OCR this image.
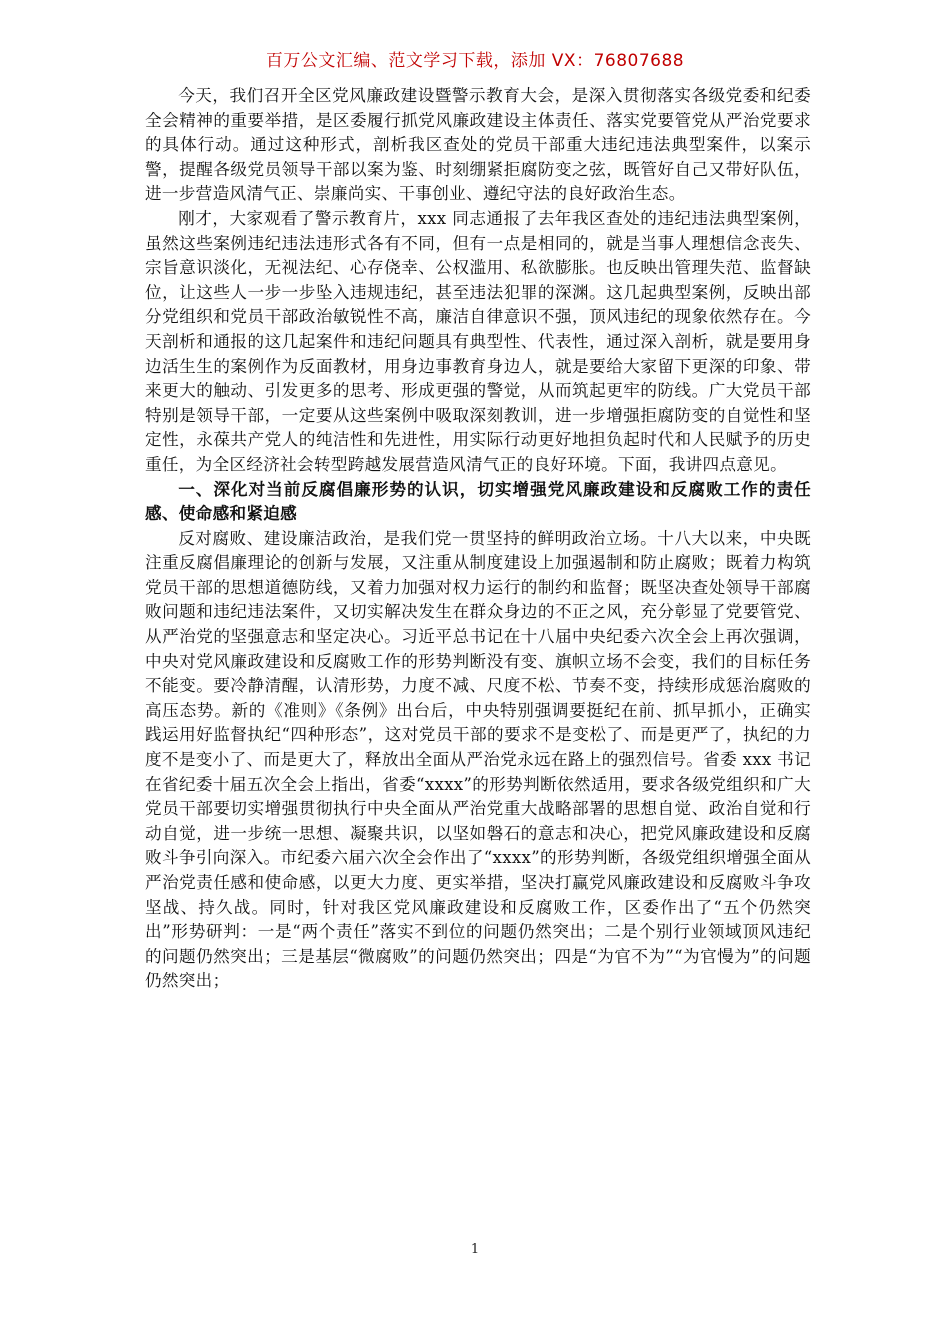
百万公文汇编、范文学习下载，添加 VX：76807688

今天，我们召开全区党风廉政建设暨警示教育大会，是深入贯彻落实各级党委和纪委全会精神的重要举措，是区委履行抓党风廉政建设主体责任、落实党要管党从严治党要求的具体行动。通过这种形式，剖析我区查处的党员干部重大违纪违法典型案件，以案示警，提醒各级党员领导干部以案为鉴、时刻绷紧拒腐防变之弦，既管好自己又带好队伍，进一步营造风清气正、崇廉尚实、干事创业、遵纪守法的良好政治生态。

刚才，大家观看了警示教育片，xxx 同志通报了去年我区查处的违纪违法典型案例，虽然这些案例违纪违法违形式各有不同，但有一点是相同的，就是当事人理想信念丧失、宗旨意识淡化，无视法纪、心存侥幸、公权滥用、私欲膨胀。也反映出管理失范、监督缺位，让这些人一步一步坠入违规违纪，甚至违法犯罪的深渊。这几起典型案例，反映出部分党组织和党员干部政治敏锐性不高，廉洁自律意识不强，顶风违纪的现象依然存在。今天剖析和通报的这几起案件和违纪问题具有典型性、代表性，通过深入剖析，就是要用身边活生生的案例作为反面教材，用身边事教育身边人，就是要给大家留下更深的印象、带来更大的触动、引发更多的思考、形成更强的警觉，从而筑起更牢的防线。广大党员干部特别是领导干部，一定要从这些案例中吸取深刻教训，进一步增强拒腐防变的自觉性和坚定性，永葆共产党人的纯洁性和先进性，用实际行动更好地担负起时代和人民赋予的历史重任，为全区经济社会转型跨越发展营造风清气正的良好环境。下面，我讲四点意见。

一、深化对当前反腐倡廉形势的认识，切实增强党风廉政建设和反腐败工作的责任感、使命感和紧迫感

反对腐败、建设廉洁政治，是我们党一贯坚持的鲜明政治立场。十八大以来，中央既注重反腐倡廉理论的创新与发展，又注重从制度建设上加强遏制和防止腐败；既着力构筑党员干部的思想道德防线，又着力加强对权力运行的制约和监督；既坚决查处领导干部腐败问题和违纪违法案件，又切实解决发生在群众身边的不正之风，充分彰显了党要管党、从严治党的坚强意志和坚定决心。习近平总书记在十八届中央纪委六次全会上再次强调，中央对党风廉政建设和反腐败工作的形势判断没有变、旗帜立场不会变，我们的目标任务不能变。要冷静清醒，认清形势，力度不减、尺度不松、节奏不变，持续形成惩治腐败的高压态势。新的《准则》《条例》出台后，中央特别强调要挺纪在前、抓早抓小，正确实践运用好监督执纪“四种形态”，这对党员干部的要求不是变松了、而是更严了，执纪的力度不是变小了、而是更大了，释放出全面从严治党永远在路上的强烈信号。省委 xxx 书记在省纪委十届五次全会上指出，省委“xxxx”的形势判断依然适用，要求各级党组织和广大党员干部要切实增强贯彻执行中央全面从严治党重大战略部署的思想自觉、政治自觉和行动自觉，进一步统一思想、凝聚共识，以坚如磐石的意志和决心，把党风廉政建设和反腐败斗争引向深入。市纪委六届六次全会作出了“xxxx”的形势判断，各级党组织增强全面从严治党责任感和使命感，以更大力度、更实举措，坚决打赢党风廉政建设和反腐败斗争攻坚战、持久战。同时，针对我区党风廉政建设和反腐败工作，区委作出了“五个仍然突出”形势研判：一是“两个责任”落实不到位的问题仍然突出；二是个别行业领域顶风违纪的问题仍然突出；三是基层“微腐败”的问题仍然突出；四是“为官不为”“为官慢为”的问题仍然突出；

1
